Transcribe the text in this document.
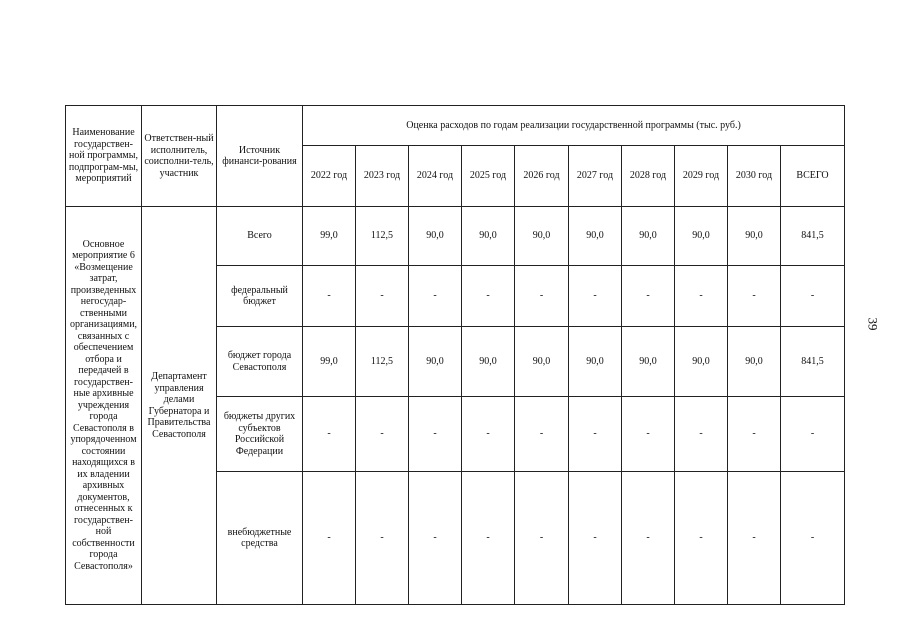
39
Наименование государствен-ной программы, подпрограм-мы, мероприятий	Ответствен-ный исполнитель, соисполни-тель, участник	Источник финанси-рования	Оценка расходов по годам реализации государственной программы (тыс. руб.)									
			2022 год	2023 год	2024 год	2025 год	2026 год	2027 год	2028 год	2029 год	2030 год	ВСЕГО
Основное мероприятие 6 «Возмещение затрат, произведенных негосудар-ственными организациями, связанных с обеспечением отбора и передачей в государствен-ные архивные учреждения города Севастополя в упорядоченном состоянии находящихся в их владении архивных документов, отнесенных к государствен-ной собственности города Севастополя»	Департамент управления делами Губернатора и Правительства Севастополя	Всего	99,0	112,5	90,0	90,0	90,0	90,0	90,0	90,0	90,0	841,5
		федеральный бюджет	-	-	-	-	-	-	-	-	-	-
		бюджет города Севастополя	99,0	112,5	90,0	90,0	90,0	90,0	90,0	90,0	90,0	841,5
		бюджеты других субъектов Российской Федерации	-	-	-	-	-	-	-	-	-	-
		внебюджетные средства	-	-	-	-	-	-	-	-	-	-
